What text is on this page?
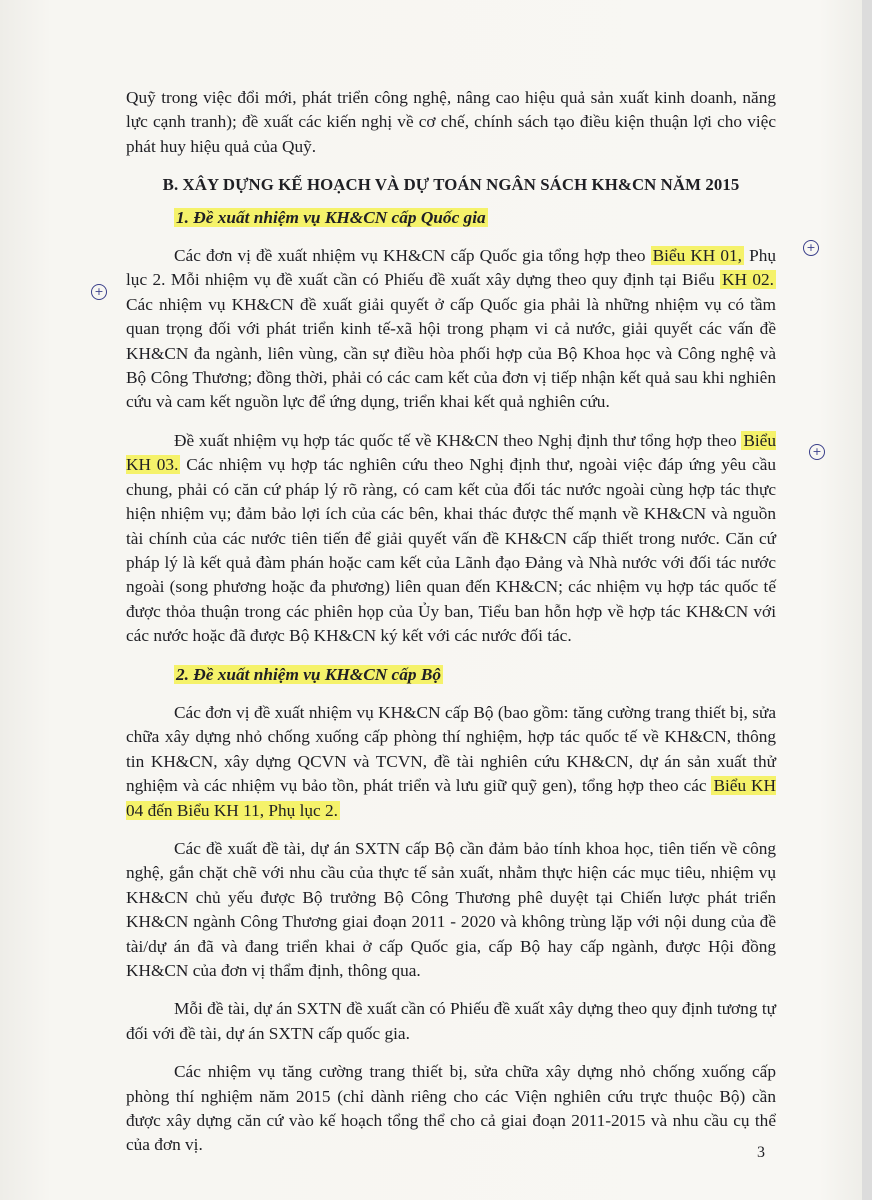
Quỹ trong việc đổi mới, phát triển công nghệ, nâng cao hiệu quả sản xuất kinh doanh, năng lực cạnh tranh); đề xuất các kiến nghị về cơ chế, chính sách tạo điều kiện thuận lợi cho việc phát huy hiệu quả của Quỹ.

B. XÂY DỰNG KẾ HOẠCH VÀ DỰ TOÁN NGÂN SÁCH KH&CN NĂM 2015
1. Đề xuất nhiệm vụ KH&CN cấp Quốc gia

Các đơn vị đề xuất nhiệm vụ KH&CN cấp Quốc gia tổng hợp theo Biểu KH 01, Phụ lục 2. Mỗi nhiệm vụ đề xuất cần có Phiếu đề xuất xây dựng theo quy định tại Biểu KH 02. Các nhiệm vụ KH&CN đề xuất giải quyết ở cấp Quốc gia phải là những nhiệm vụ có tầm quan trọng đối với phát triển kinh tế-xã hội trong phạm vi cả nước, giải quyết các vấn đề KH&CN đa ngành, liên vùng, cần sự điều hòa phối hợp của Bộ Khoa học và Công nghệ và Bộ Công Thương; đồng thời, phải có các cam kết của đơn vị tiếp nhận kết quả sau khi nghiên cứu và cam kết nguồn lực để ứng dụng, triển khai kết quả nghiên cứu.

Đề xuất nhiệm vụ hợp tác quốc tế về KH&CN theo Nghị định thư tổng hợp theo Biểu KH 03. Các nhiệm vụ hợp tác nghiên cứu theo Nghị định thư, ngoài việc đáp ứng yêu cầu chung, phải có căn cứ pháp lý rõ ràng, có cam kết của đối tác nước ngoài cùng hợp tác thực hiện nhiệm vụ; đảm bảo lợi ích của các bên, khai thác được thế mạnh về KH&CN và nguồn tài chính của các nước tiên tiến để giải quyết vấn đề KH&CN cấp thiết trong nước. Căn cứ pháp lý là kết quả đàm phán hoặc cam kết của Lãnh đạo Đảng và Nhà nước với đối tác nước ngoài (song phương hoặc đa phương) liên quan đến KH&CN; các nhiệm vụ hợp tác quốc tế được thỏa thuận trong các phiên họp của Ủy ban, Tiểu ban hỗn hợp về hợp tác KH&CN với các nước hoặc đã được Bộ KH&CN ký kết với các nước đối tác.

2. Đề xuất nhiệm vụ KH&CN cấp Bộ

Các đơn vị đề xuất nhiệm vụ KH&CN cấp Bộ (bao gồm: tăng cường trang thiết bị, sửa chữa xây dựng nhỏ chống xuống cấp phòng thí nghiệm, hợp tác quốc tế về KH&CN, thông tin KH&CN, xây dựng QCVN và TCVN, đề tài nghiên cứu KH&CN, dự án sản xuất thử nghiệm và các nhiệm vụ bảo tồn, phát triển và lưu giữ quỹ gen), tổng hợp theo các Biểu KH 04 đến Biểu KH 11, Phụ lục 2.

Các đề xuất đề tài, dự án SXTN cấp Bộ cần đảm bảo tính khoa học, tiên tiến về công nghệ, gắn chặt chẽ với nhu cầu của thực tế sản xuất, nhằm thực hiện các mục tiêu, nhiệm vụ KH&CN chủ yếu được Bộ trưởng Bộ Công Thương phê duyệt tại Chiến lược phát triển KH&CN ngành Công Thương giai đoạn 2011 - 2020 và không trùng lặp với nội dung của đề tài/dự án đã và đang triển khai ở cấp Quốc gia, cấp Bộ hay cấp ngành, được Hội đồng KH&CN của đơn vị thẩm định, thông qua.

Mỗi đề tài, dự án SXTN đề xuất cần có Phiếu đề xuất xây dựng theo quy định tương tự đối với đề tài, dự án SXTN cấp quốc gia.

Các nhiệm vụ tăng cường trang thiết bị, sửa chữa xây dựng nhỏ chống xuống cấp phòng thí nghiệm năm 2015 (chỉ dành riêng cho các Viện nghiên cứu trực thuộc Bộ) cần được xây dựng căn cứ vào kế hoạch tổng thể cho cả giai đoạn 2011-2015 và nhu cầu cụ thể của đơn vị.

+
+
+
3
